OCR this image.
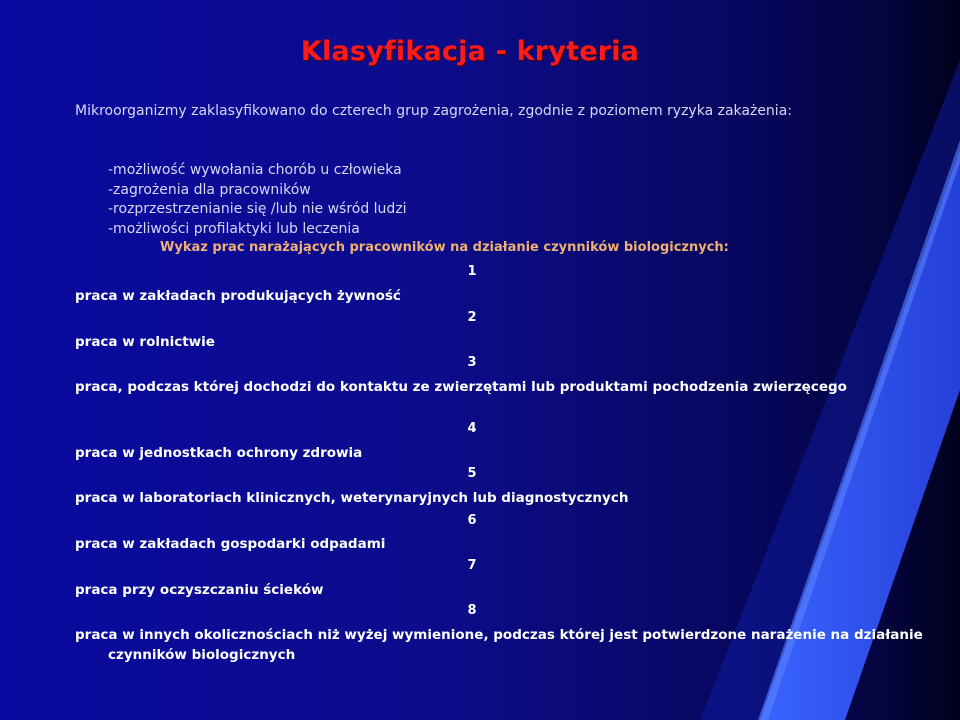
Klasyfikacja - kryteria
Mikroorganizmy zaklasyfikowano do czterech grup zagrożenia, zgodnie z poziomem ryzyka zakażenia:
-możliwość wywołania chorób u człowieka
-zagrożenia dla pracowników
-rozprzestrzenianie się /lub nie wśród ludzi
-możliwości profilaktyki lub leczenia
Wykaz prac narażających pracowników na działanie czynników biologicznych:
1
praca w zakładach produkujących żywność
2
praca w rolnictwie
3
praca, podczas której dochodzi do kontaktu ze zwierzętami lub produktami pochodzenia zwierzęcego
4
praca w jednostkach ochrony zdrowia
5
praca w laboratoriach klinicznych, weterynaryjnych lub diagnostycznych
6
praca w zakładach gospodarki odpadami
7
praca przy oczyszczaniu ścieków
8
praca w innych okolicznościach niż wyżej wymienione, podczas której jest potwierdzone narażenie na działanie czynników biologicznych
